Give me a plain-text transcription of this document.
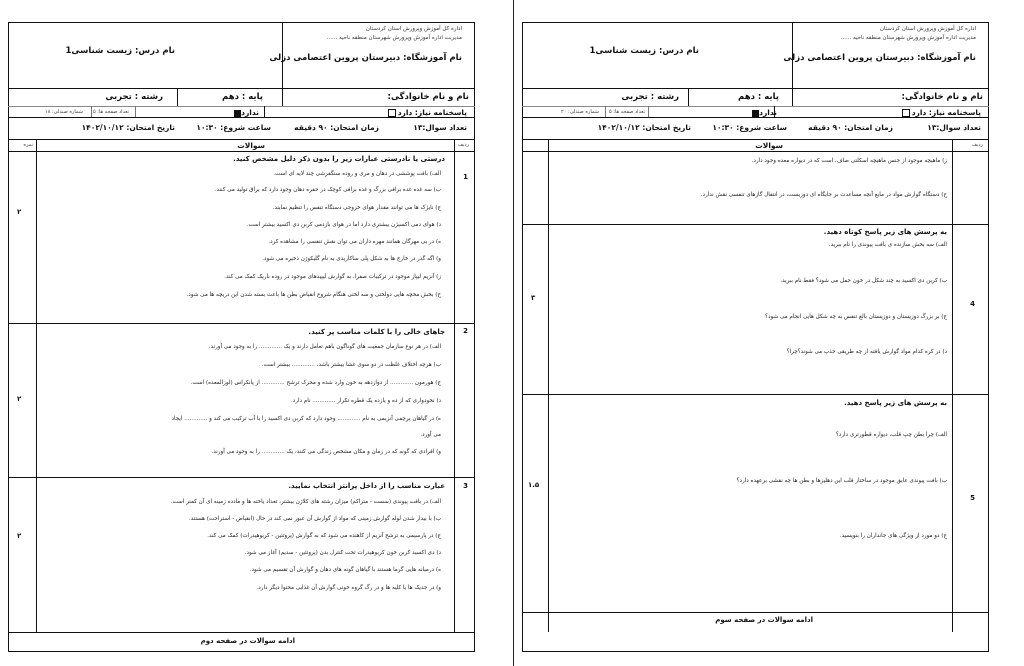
اداره کل آموزش وپرورش استان کردستان
مدیریت اداره آموزش وپرورش شهرستان منطقه ناحیه ......
نام درس: زیست شناسی1
نام آموزشگاه: دبیرستان پروین اعتصامی دزلی
نام و نام خانوادگی:
پایه : دهم
رشته : تجربی
پاسخنامه نیاز: دارد
ندارد
تعداد صفحه ها: ۵
شماره صندلی: ۱۸
تعداد سوال:۱۳
زمان امتحان: ۹۰ دقیقه
ساعت شروع: ۱۰:۳۰
تاریخ امتحان: ۱۴۰۲/۱۰/۱۲
ردیف
سوالات
نمره
1
درستی یا نادرستی عبارات زیر را بدون ذکر دلیل مشخص کنید.
الف) بافت پوششی در دهان و مری و روده سنگفرشی چند لایه ای است.
ب) سه غده غده برافی بزرگ و غده برافی کوچک در حفره دهان وجود دارد که براق تولید می کنند.
ج) نایژک ها می توانند مقدار هوای خروجی دستگاه تنفس را تنظیم نمایند.
د) هوای دمی اکسیژن بیشتری دارد اما در هوای بازدمی کربن دی اکسید بیشتر است.
ه) در بی مهرگان همانند مهره داران می توان نقش تنفسی را مشاهده کرد.
و) اگه گذر در خارج ها به شکل پلی ساکاریدی به نام گلیکوژن ذخیره می شود.
ز) آنزیم لیپاز موجود در ترکیبات صفرا، به گوارش لیپیدهای موجود در روده باریک کمک می کند.
ح) بخش مخچه هایی دولختی و سه لختی هنگام شروع انقباض بطن ها باعث بسته شدن این دریچه ها می شود.
۲
2
جاهای خالی را با کلمات مناسب پر کنید.
الف) در هر نوع سازمان جمعیت های گوناگون باهم تعامل دارند و یک ............. را به وجود می آورند.
ب) هرچه اختلاف غلظت در دو سوی غشا بیشتر باشد، ............. بیشتر است.
ج) هورمون ............. از دوازدهه به خون وارد شده و محرک ترشح ............. از پانکراس (لوزالمعده) است.
د) نخودواری که از ده و یازده یک قطره تکرار ............. نام دارد.
ه) در گیاهان پرچمی آنزیمی به نام ............. وجود دارد که کربن دی اکسید را با آب ترکیب می کند و ............. ایجاد
می آورد.
و) اقرادی که گونه که در زمان و مکان مشخص زندگی می کنند، یک ............. را به وجود می آورند.
۲
3
عبارت مناسب را از داخل پرانتز انتخاب نمایید.
الف) در بافت پیوندی (سست - متراکم) میزان رشته های کلاژن بیشتر، تعداد یاخته ها و مادده زمینه ای آن کمتر است.
ب) با بیدار شدن لوله گوارش زمینی که مواد از گوارش آن عبور نمی کند در حال (انقباض - استراحت) هستند.
ج) در پارسیمی به ترشح آنزیم از کاهنده می شود که به گوارش (پروتئین - کربوهیدرات) کمک می کند.
د) دی اکسید کربن خون کربوهیدرات تحت کنترل بدن (پروتئین - سدیم) آغاز می شود.
ه) درمیانه هایی گرما هستند با گیاهان گونه های دهان و گوارش آن تقسیم می شود.
و) در جدیک ها با کلیه ها و در رگ گروه خونی گوارش آن غذایی محتوا دیگر دارد.
۲
ادامه سوالات در صفحه دوم
اداره کل آموزش وپرورش استان کردستان
مدیریت اداره آموزش وپرورش شهرستان منطقه ناحیه ......
نام درس: زیست شناسی1
نام آموزشگاه: دبیرستان پروین اعتصامی دزلی
نام و نام خانوادگی:
پایه : دهم
رشته : تجربی
پاسخنامه نیاز: دارد
ندارد
تعداد صفحه ها: ۵
شماره صندلی: ۲۰
تعداد سوال:۱۳
زمان امتحان: ۹۰ دقیقه
ساعت شروع: ۱۰:۳۰
تاریخ امتحان: ۱۴۰۲/۱۰/۱۲
ردیف
سوالات
ز) ماهیچه موجود از جنس ماهیچه اسکلتی صاف، است که در دیواره معده وجود دارد.
ح) دستگاه گوارش مواد در مایع آنچه مساعدت بر جایگاه ای دوزیست، در انتقال گازهای تنفسی نقش ندارد.
4
به پرسش های زیر پاسخ کوتاه دهید.
الف) سه بخش سازنده ی بافت پیوندی را نام ببرید.
ب) کربن دی اکسید به چند شکل در خون حمل می شود؟ فقط نام ببرید.
ج) بر بزرگ دوزیستان و دوزیستان بالغ تنفس به چه شکل هایی انجام می شود؟
د) در کره کدام مواد گوارش یافته از چه طریقی جذب می شوند؟چرا؟
۳
5
به پرسش های زیر پاسخ دهید.
الف) چرا بطن چپ قلب، دیواره قطورتری دارد؟
ب) بافت پیوندی عایق موجود در ساختار قلب این دهلیزها و بطن ها چه نقشی برعهده دارد؟
ج) دو مورد از ویژگی های جانداران را بنویسید.
۱.۵
ادامه سوالات در صفحه سوم
